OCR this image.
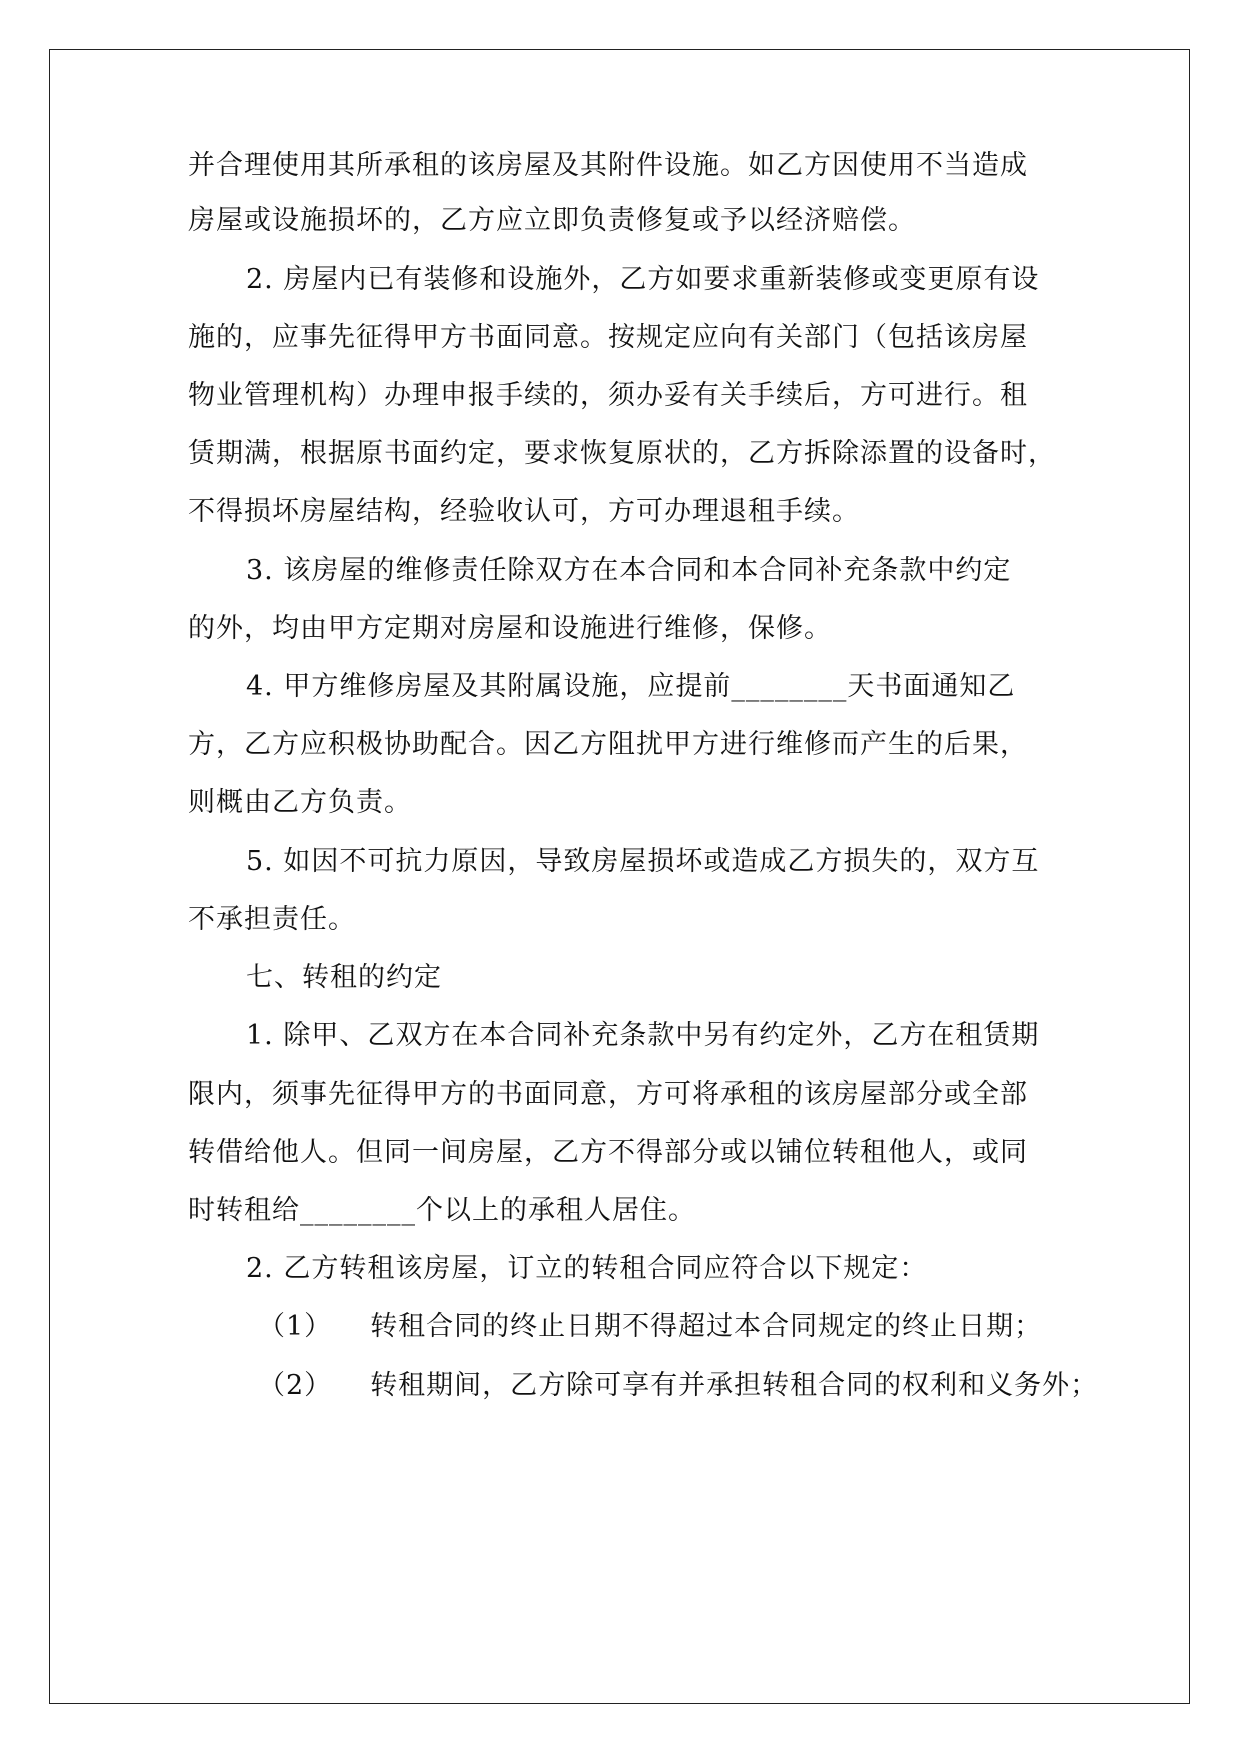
并合理使用其所承租的该房屋及其附件设施。如乙方因使用不当造成
房屋或设施损坏的，乙方应立即负责修复或予以经济赔偿。
2. 房屋内已有装修和设施外，乙方如要求重新装修或变更原有设
施的，应事先征得甲方书面同意。按规定应向有关部门（包括该房屋
物业管理机构）办理申报手续的，须办妥有关手续后，方可进行。租
赁期满，根据原书面约定，要求恢复原状的，乙方拆除添置的设备时，
不得损坏房屋结构，经验收认可，方可办理退租手续。
3. 该房屋的维修责任除双方在本合同和本合同补充条款中约定
的外，均由甲方定期对房屋和设施进行维修，保修。
4. 甲方维修房屋及其附属设施，应提前________天书面通知乙
方，乙方应积极协助配合。因乙方阻扰甲方进行维修而产生的后果，
则概由乙方负责。
5. 如因不可抗力原因，导致房屋损坏或造成乙方损失的，双方互
不承担责任。
七、转租的约定
1. 除甲、乙双方在本合同补充条款中另有约定外，乙方在租赁期
限内，须事先征得甲方的书面同意，方可将承租的该房屋部分或全部
转借给他人。但同一间房屋，乙方不得部分或以铺位转租他人，或同
时转租给________个以上的承租人居住。
2. 乙方转租该房屋，订立的转租合同应符合以下规定：
（1） 转租合同的终止日期不得超过本合同规定的终止日期；
（2） 转租期间，乙方除可享有并承担转租合同的权利和义务外；
